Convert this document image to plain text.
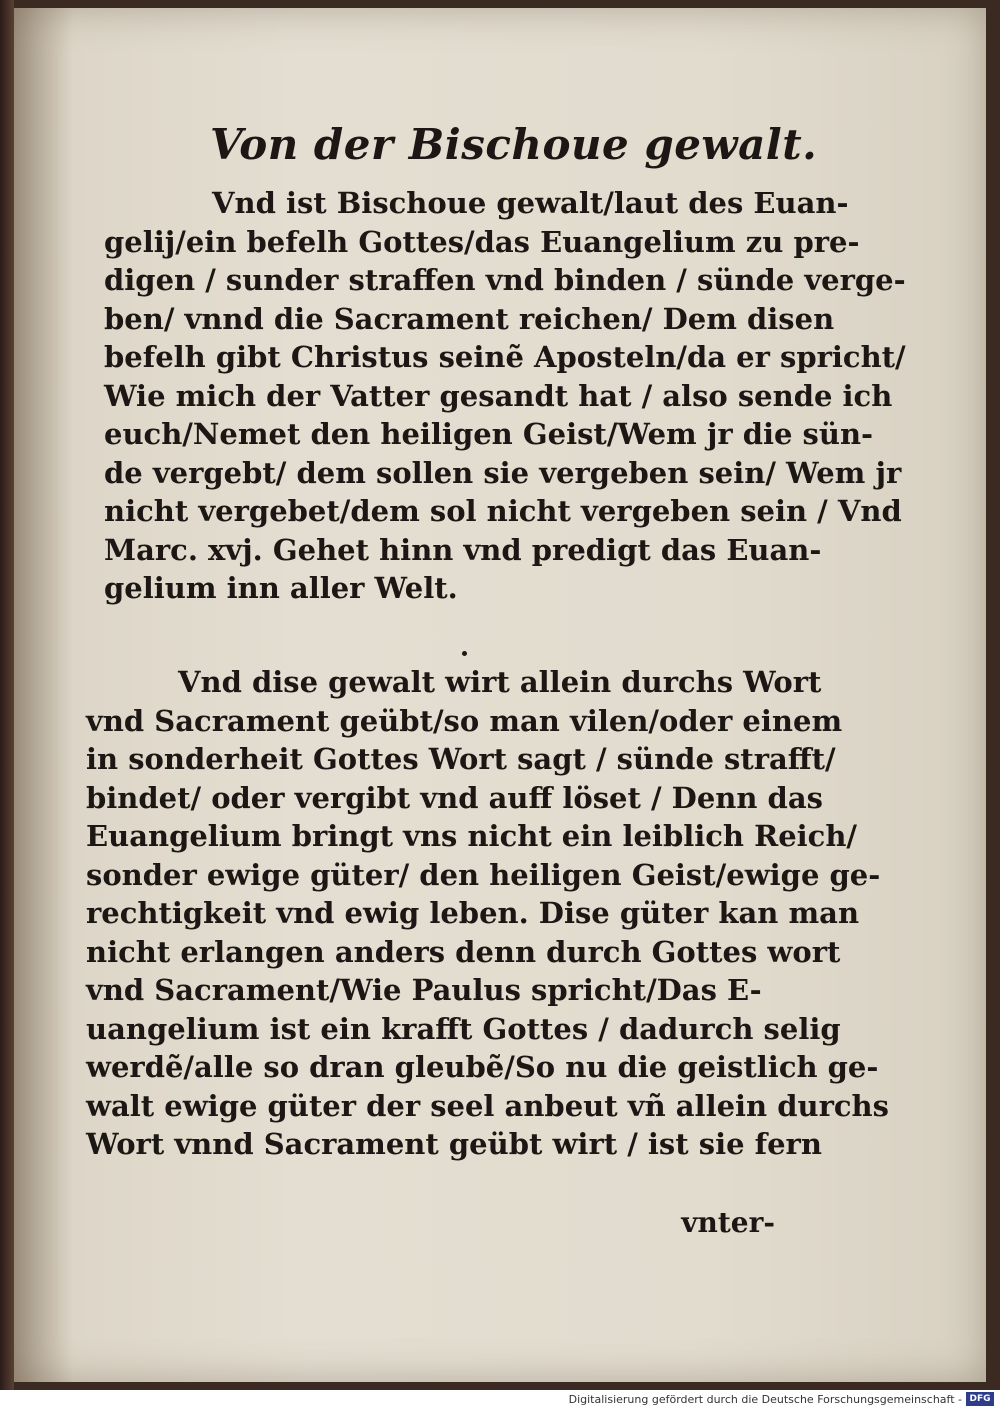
Von der Bischoue gewalt.
Vnd ist Bischoue gewalt/laut des Euan-
gelij/ein befelh Gottes/das Euangelium zu pre-
digen / sunder straffen vnd binden / sünde verge-
ben/ vnnd die Sacrament reichen/ Dem disen
befelh gibt Christus seinẽ Aposteln/da er spricht/
Wie mich der Vatter gesandt hat / also sende ich
euch/Nemet den heiligen Geist/Wem jr die sün-
de vergebt/ dem sollen sie vergeben sein/ Wem jr
nicht vergebet/dem sol nicht vergeben sein / Vnd
Marc. xvj. Gehet hinn vnd predigt das Euan-
gelium inn aller Welt.
Vnd dise gewalt wirt allein durchs Wort
vnd Sacrament geübt/so man vilen/oder einem
in sonderheit Gottes Wort sagt / sünde strafft/
bindet/ oder vergibt vnd auff löset / Denn das
Euangelium bringt vns nicht ein leiblich Reich/
sonder ewige güter/ den heiligen Geist/ewige ge-
rechtigkeit vnd ewig leben. Dise güter kan man
nicht erlangen anders denn durch Gottes wort
vnd Sacrament/Wie Paulus spricht/Das E-
uangelium ist ein krafft Gottes / dadurch selig
werdẽ/alle so dran gleubẽ/So nu die geistlich ge-
walt ewige güter der seel anbeut vñ allein durchs
Wort vnnd Sacrament geübt wirt / ist sie fern
vnter-
Digitalisierung gefördert durch die Deutsche Forschungsgemeinschaft - DFG
